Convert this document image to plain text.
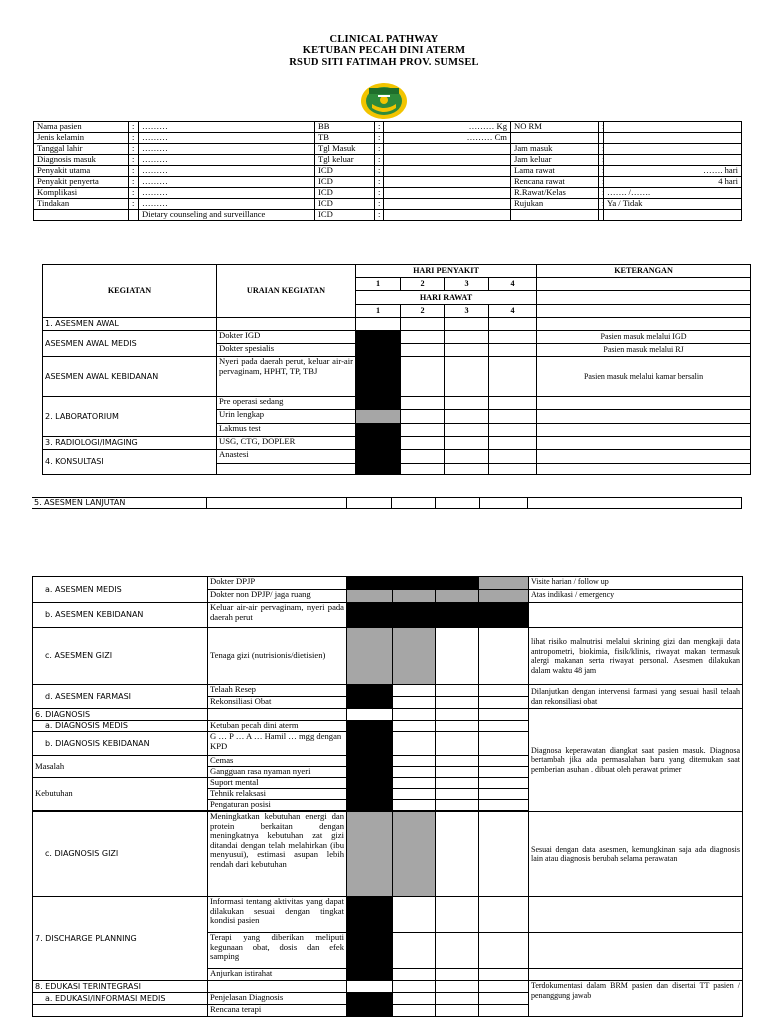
CLINICAL PATHWAY
KETUBAN PECAH DINI ATERM
RSUD SITI FATIMAH PROV. SUMSEL
Nama pasien	:	………	BB	:	……… Kg	NO RM	:	
Jenis kelamin	:	………	TB	:	……… Cm			
Tanggal lahir	:	………	Tgl Masuk	:		Jam masuk	:	
Diagnosis masuk	:	………	Tgl keluar	:		Jam keluar	:	
Penyakit utama	:	………	ICD	:		Lama rawat	:	……. hari
Penyakit penyerta	:	………	ICD	:		Rencana rawat	:	4 hari
Komplikasi	:	………	ICD	:		R.Rawat/Kelas	:	……. /…….
Tindakan	:	………	ICD	:		Rujukan	:	Ya / Tidak
		Dietary counseling and surveillance	ICD	:				
KEGIATAN	URAIAN KEGIATAN	HARI PENYAKIT				KETERANGAN
		1	2	3	4	
		HARI RAWAT				
		1	2	3	4	
1. ASESMEN AWAL						
ASESMEN AWAL MEDIS	Dokter IGD					Pasien masuk melalui IGD
	Dokter spesialis					Pasien masuk melalui RJ
ASESMEN AWAL KEBIDANAN	Nyeri pada daerah perut, keluar air-air pervaginam, HPHT, TP, TBJ					Pasien masuk melalui kamar bersalin
2. LABORATORIUM	Pre operasi sedang					
	Urin lengkap					
	Lakmus test					
3. RADIOLOGI/IMAGING	USG, CTG, DOPLER					
4. KONSULTASI	Anastesi					

5. ASESMEN LANJUTAN						
a. ASESMEN MEDIS	Dokter DPJP					Visite harian / follow up
	Dokter non DPJP/ jaga ruang					Atas indikasi / emergency
b. ASESMEN KEBIDANAN	Keluar air-air pervaginam, nyeri pada daerah perut					
c. ASESMEN GIZI	Tenaga gizi (nutrisionis/dietisien)					lihat risiko malnutrisi melalui skrining gizi dan mengkaji data antropometri, biokimia, fisik/klinis, riwayat makan termasuk alergi makanan serta riwayat personal. Asesmen dilakukan dalam waktu 48 jam
d. ASESMEN FARMASI	Telaah Resep					Dilanjutkan dengan intervensi farmasi yang sesuai hasil telaah dan rekonsiliasi obat
	Rekonsiliasi Obat					
6. DIAGNOSIS						Diagnosa keperawatan diangkat saat pasien masuk. Diagnosa bertambah jika ada permasalahan baru yang ditemukan saat pemberian asuhan . dibuat oleh perawat primer
a. DIAGNOSIS MEDIS	Ketuban pecah dini aterm					
b. DIAGNOSIS KEBIDANAN	G … P … A … Hamil … mgg dengan KPD					
Masalah	Cemas					
	Gangguan rasa nyaman nyeri					
Kebutuhan	Suport mental					
	Tehnik relaksasi					
	Pengaturan posisi					

c. DIAGNOSIS GIZI	Meningkatkan kebutuhan energi dan protein berkaitan dengan meningkatnya kebutuhan zat gizi ditandai dengan telah melahirkan (ibu menyusui), estimasi asupan lebih rendah dari kebutuhan					Sesuai dengan data asesmen, kemungkinan saja ada diagnosis lain atau diagnosis berubah selama perawatan
7. DISCHARGE PLANNING	Informasi tentang aktivitas yang dapat dilakukan sesuai dengan tingkat kondisi pasien					
	Terapi yang diberikan meliputi kegunaan obat, dosis dan efek samping					
	Anjurkan istirahat					
8. EDUKASI TERINTEGRASI						Terdokumentasi dalam BRM pasien dan disertai TT pasien / penanggung jawab
a. EDUKASI/INFORMASI MEDIS	Penjelasan Diagnosis					
	Rencana terapi					
